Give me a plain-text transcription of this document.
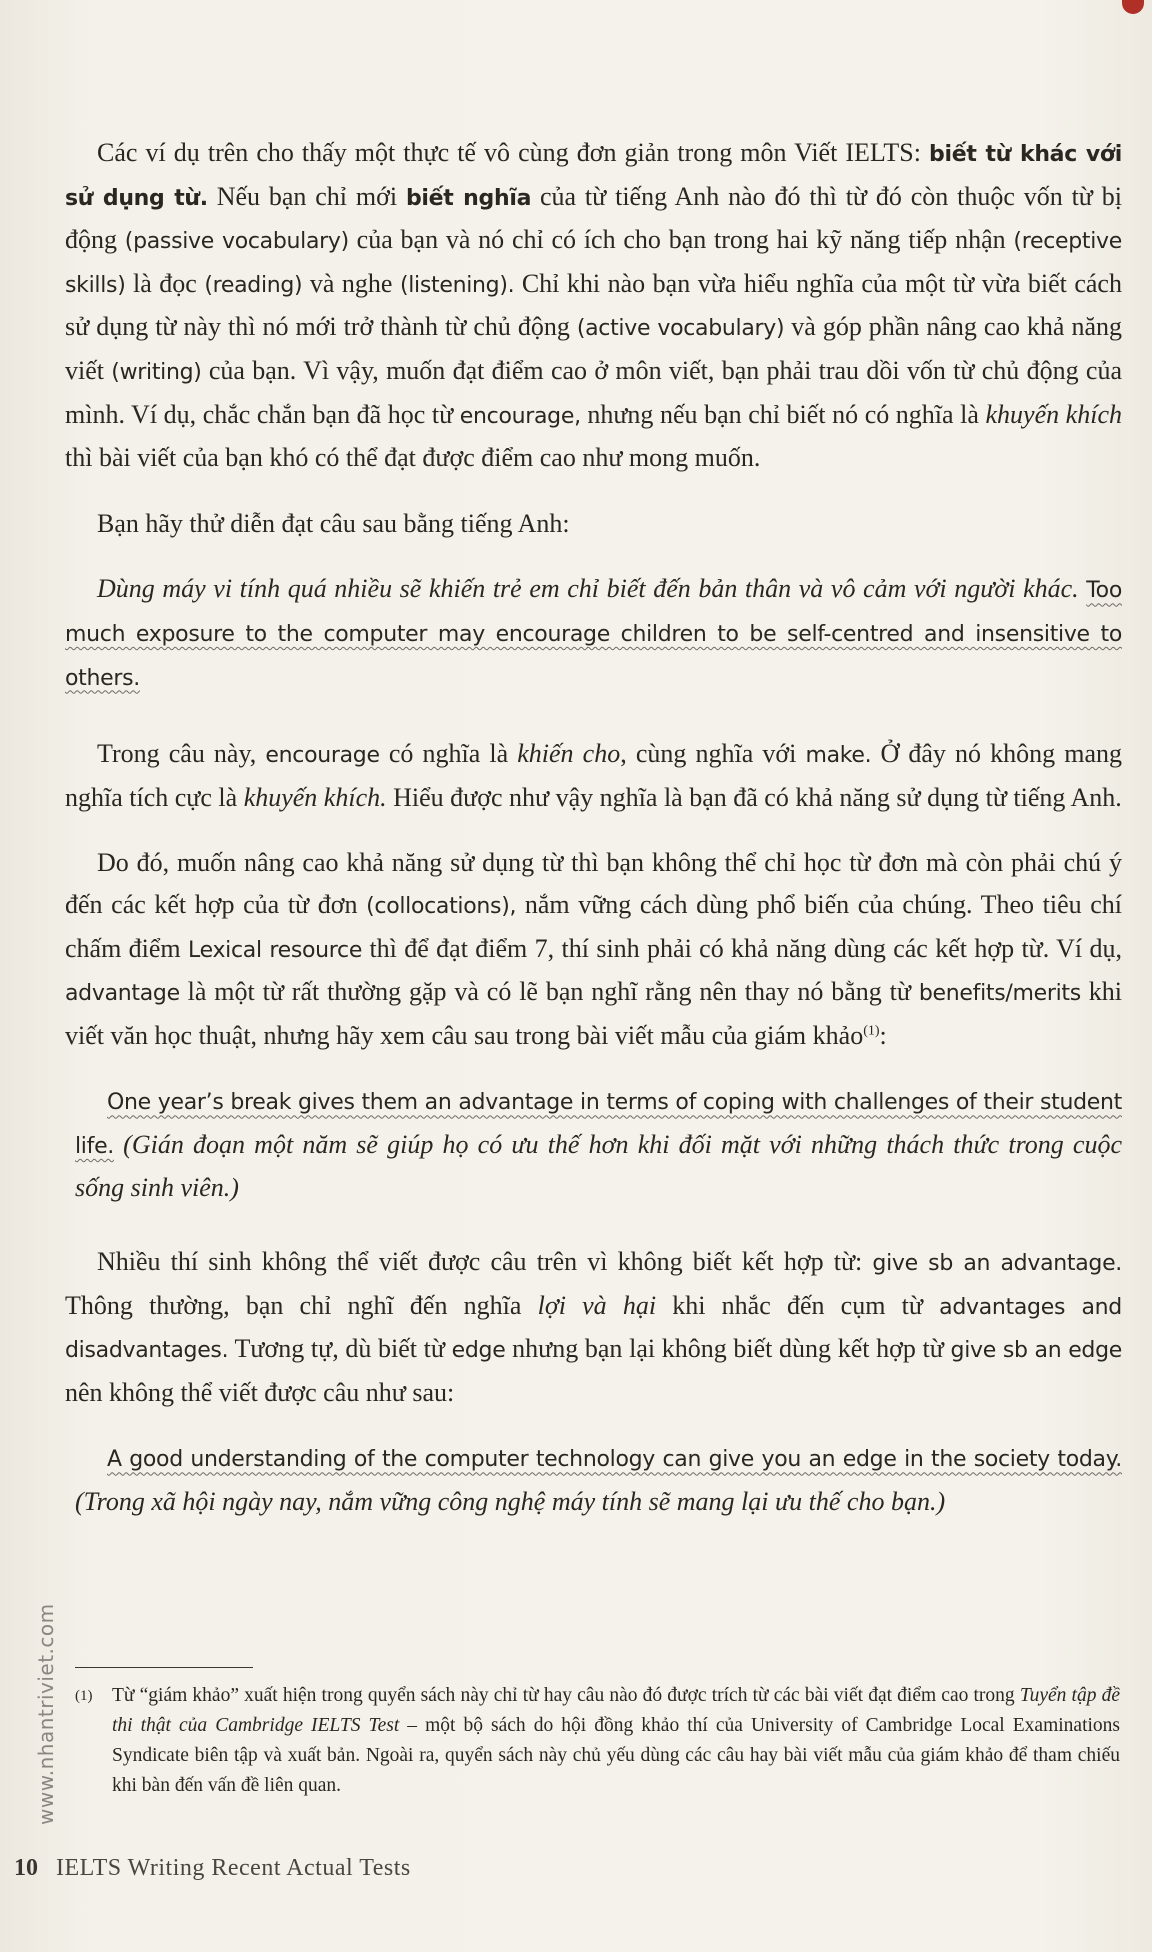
Các ví dụ trên cho thấy một thực tế vô cùng đơn giản trong môn Viết IELTS: biết từ khác với sử dụng từ. Nếu bạn chỉ mới biết nghĩa của từ tiếng Anh nào đó thì từ đó còn thuộc vốn từ bị động (passive vocabulary) của bạn và nó chỉ có ích cho bạn trong hai kỹ năng tiếp nhận (receptive skills) là đọc (reading) và nghe (listening). Chỉ khi nào bạn vừa hiểu nghĩa của một từ vừa biết cách sử dụng từ này thì nó mới trở thành từ chủ động (active vocabulary) và góp phần nâng cao khả năng viết (writing) của bạn. Vì vậy, muốn đạt điểm cao ở môn viết, bạn phải trau dồi vốn từ chủ động của mình. Ví dụ, chắc chắn bạn đã học từ encourage, nhưng nếu bạn chỉ biết nó có nghĩa là khuyến khích thì bài viết của bạn khó có thể đạt được điểm cao như mong muốn.

Bạn hãy thử diễn đạt câu sau bằng tiếng Anh:

Dùng máy vi tính quá nhiều sẽ khiến trẻ em chỉ biết đến bản thân và vô cảm với người khác. Too much exposure to the computer may encourage children to be self-centred and insensitive to others.

Trong câu này, encourage có nghĩa là khiến cho, cùng nghĩa với make. Ở đây nó không mang nghĩa tích cực là khuyến khích. Hiểu được như vậy nghĩa là bạn đã có khả năng sử dụng từ tiếng Anh.

Do đó, muốn nâng cao khả năng sử dụng từ thì bạn không thể chỉ học từ đơn mà còn phải chú ý đến các kết hợp của từ đơn (collocations), nắm vững cách dùng phổ biến của chúng. Theo tiêu chí chấm điểm Lexical resource thì để đạt điểm 7, thí sinh phải có khả năng dùng các kết hợp từ. Ví dụ, advantage là một từ rất thường gặp và có lẽ bạn nghĩ rằng nên thay nó bằng từ benefits/merits khi viết văn học thuật, nhưng hãy xem câu sau trong bài viết mẫu của giám khảo$^{(1)}$:

One year’s break gives them an advantage in terms of coping with challenges of their student life. (Gián đoạn một năm sẽ giúp họ có ưu thế hơn khi đối mặt với những thách thức trong cuộc sống sinh viên.)

Nhiều thí sinh không thể viết được câu trên vì không biết kết hợp từ: give sb an advantage. Thông thường, bạn chỉ nghĩ đến nghĩa lợi và hại khi nhắc đến cụm từ advantages and disadvantages. Tương tự, dù biết từ edge nhưng bạn lại không biết dùng kết hợp từ give sb an edge nên không thể viết được câu như sau:

A good understanding of the computer technology can give you an edge in the society today. (Trong xã hội ngày nay, nắm vững công nghệ máy tính sẽ mang lại ưu thế cho bạn.)

(1)	Từ “giám khảo” xuất hiện trong quyển sách này chỉ từ hay câu nào đó được trích từ các bài viết đạt điểm cao trong Tuyển tập đề thi thật của Cambridge IELTS Test – một bộ sách do hội đồng khảo thí của University of Cambridge Local Examinations Syndicate biên tập và xuất bản. Ngoài ra, quyển sách này chủ yếu dùng các câu hay bài viết mẫu của giám khảo để tham chiếu khi bàn đến vấn đề liên quan.
www.nhantriviet.com
10 IELTS Writing Recent Actual Tests
